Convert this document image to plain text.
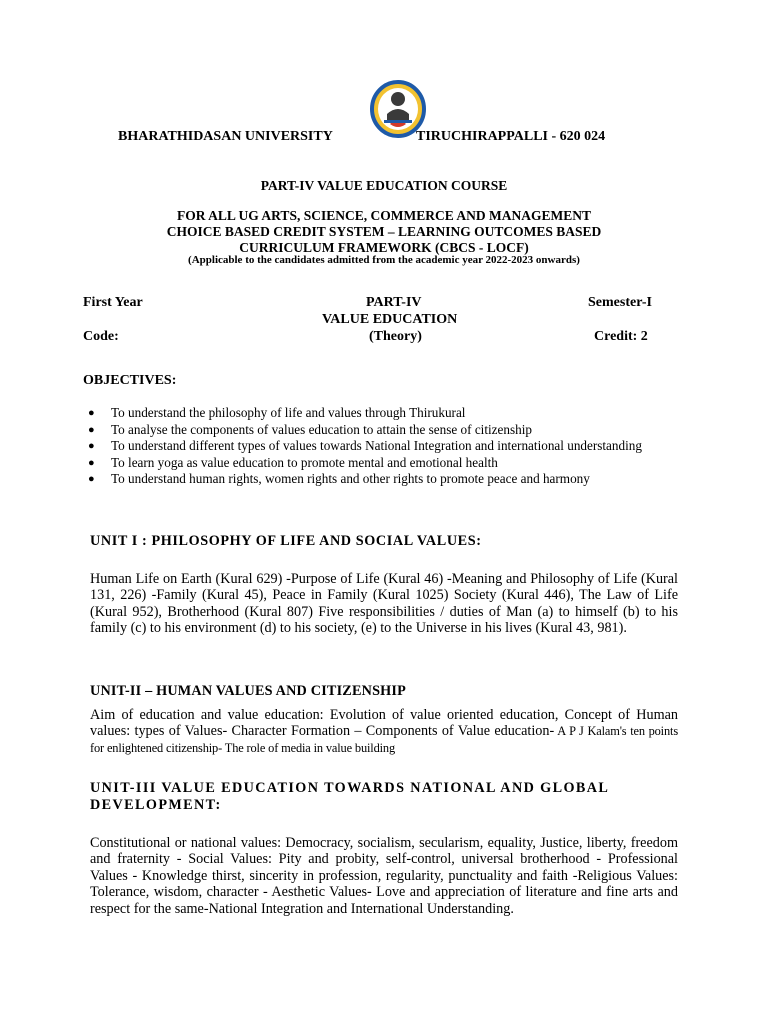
BHARATHIDASAN UNIVERSITY	TIRUCHIRAPPALLI - 620 024
PART-IV VALUE EDUCATION COURSE
FOR ALL UG ARTS, SCIENCE, COMMERCE AND MANAGEMENT
CHOICE BASED CREDIT SYSTEM – LEARNING OUTCOMES BASED
CURRICULUM FRAMEWORK (CBCS - LOCF)
(Applicable to the candidates admitted from the academic year 2022-2023 onwards)
First Year	PART-IV	Semester-I
VALUE EDUCATION
Code:	(Theory)	Credit: 2
OBJECTIVES:
● To understand the philosophy of life and values through Thirukural
● To analyse the components of values education to attain the sense of citizenship
● To understand different types of values towards National Integration and international understanding
● To learn yoga as value education to promote mental and emotional health
● To understand human rights, women rights and other rights to promote peace and harmony
UNIT I : PHILOSOPHY OF LIFE AND SOCIAL VALUES:
Human Life on Earth (Kural 629) -Purpose of Life (Kural 46) -Meaning and Philosophy of Life (Kural 131, 226) -Family (Kural 45), Peace in Family (Kural 1025) Society (Kural 446), The Law of Life (Kural 952), Brotherhood (Kural 807) Five responsibilities / duties of Man (a) to himself (b) to his family (c) to his environment (d) to his society, (e) to the Universe in his lives (Kural 43, 981).
UNIT-II – HUMAN VALUES AND CITIZENSHIP
Aim of education and value education: Evolution of value oriented education, Concept of Human values: types of Values- Character Formation – Components of Value education- A P J Kalam's ten points for enlightened citizenship- The role of media in value building
UNIT-III VALUE EDUCATION TOWARDS NATIONAL AND GLOBAL DEVELOPMENT:
Constitutional or national values: Democracy, socialism, secularism, equality, Justice, liberty, freedom and fraternity - Social Values: Pity and probity, self-control, universal brotherhood - Professional Values - Knowledge thirst, sincerity in profession, regularity, punctuality and faith -Religious Values: Tolerance, wisdom, character - Aesthetic Values- Love and appreciation of literature and fine arts and respect for the same-National Integration and International Understanding.
